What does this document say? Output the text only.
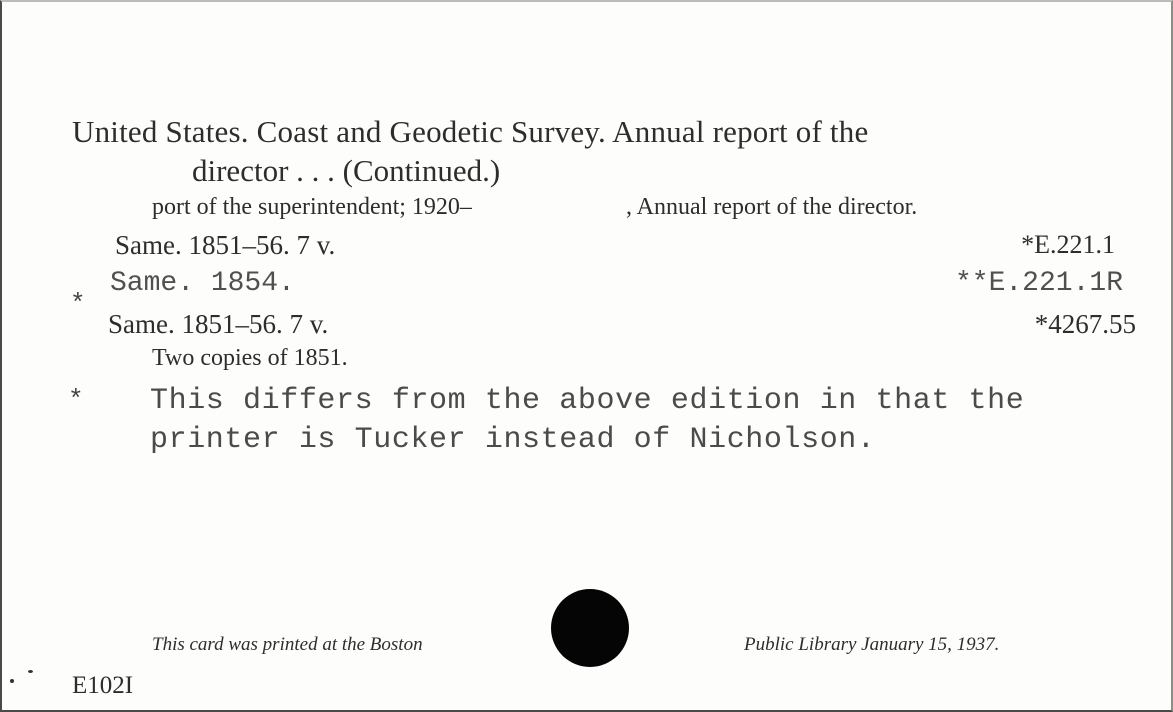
United States. Coast and Geodetic Survey. Annual report of the
director . . . (Continued.)
port of the superintendent; 1920–	, Annual report of the director.
Same. 1851–56. 7 v.	*E.221.1
*
Same. 1854.	**E.221.1R
Same. 1851–56. 7 v.	*4267.55
Two copies of 1851.
* This differs from the above edition in that the
printer is Tucker instead of Nicholson.
This card was printed at the Boston	Public Library January 15, 1937.
E102I
